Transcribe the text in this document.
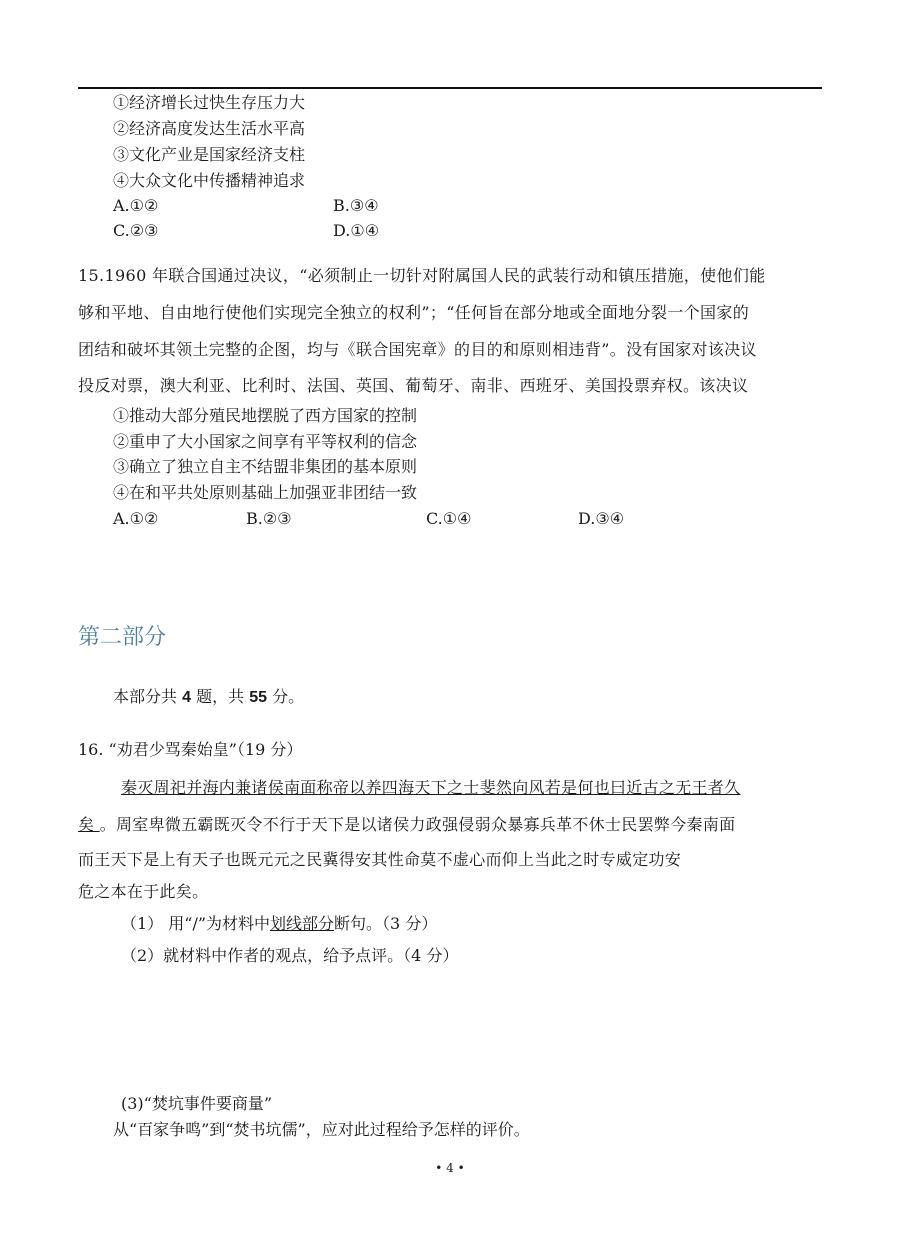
①经济增长过快生存压力大
②经济高度发达生活水平高
③文化产业是国家经济支柱
④大众文化中传播精神追求
A.①②	B.③④
C.②③	D.①④
15.1960 年联合国通过决议，“必须制止一切针对附属国人民的武装行动和镇压措施，使他们能
够和平地、自由地行使他们实现完全独立的权利”；“任何旨在部分地或全面地分裂一个国家的
团结和破坏其领土完整的企图，均与《联合国宪章》的目的和原则相违背”。没有国家对该决议
投反对票，澳大利亚、比利时、法国、英国、葡萄牙、南非、西班牙、美国投票弃权。该决议
①推动大部分殖民地摆脱了西方国家的控制
②重申了大小国家之间享有平等权利的信念
③确立了独立自主不结盟非集团的基本原则
④在和平共处原则基础上加强亚非团结一致
A.①②	B.②③	C.①④	D.③④
第二部分
本部分共 4 题，共 55 分。
16. “劝君少骂秦始皇”（19 分）
秦灭周祀并海内兼诸侯南面称帝以养四海天下之士斐然向风若是何也曰近古之无王者久
矣 。周室卑微五霸既灭令不行于天下是以诸侯力政强侵弱众暴寡兵革不休士民罢弊今秦南面
而王天下是上有天子也既元元之民冀得安其性命莫不虚心而仰上当此之时专威定功安
危之本在于此矣。
（1） 用“/”为材料中划线部分断句。（3 分）
（2）就材料中作者的观点，给予点评。（4 分）
(3)“焚坑事件要商量”
从“百家争鸣”到“焚书坑儒”，应对此过程给予怎样的评价。
• 4 •
